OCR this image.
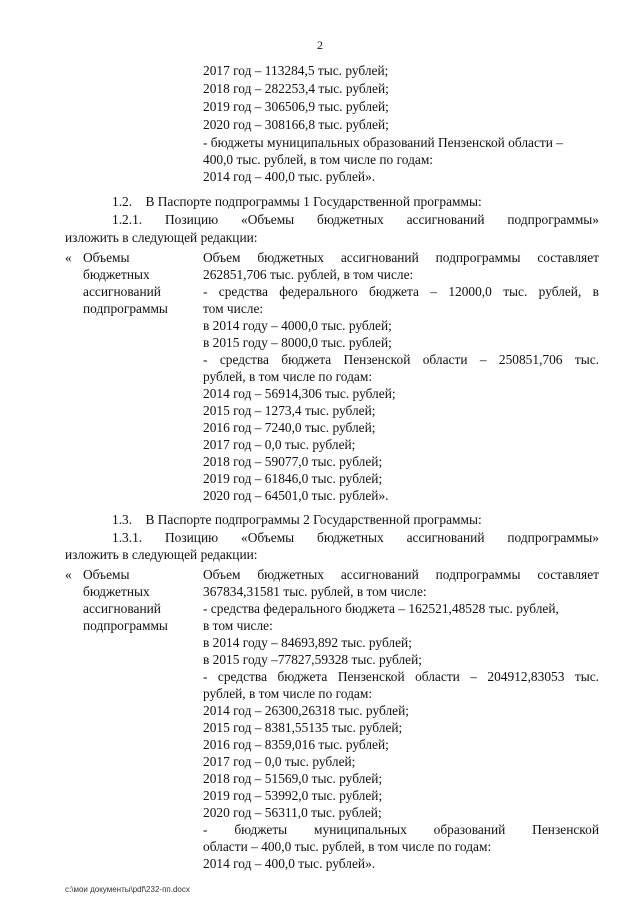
2
2017 год – 113284,5 тыс. рублей;
2018 год – 282253,4 тыс. рублей;
2019 год – 306506,9 тыс. рублей;
2020 год – 308166,8 тыс. рублей;
- бюджеты муниципальных образований Пензенской области –
400,0 тыс. рублей, в том числе по годам:
2014 год – 400,0 тыс. рублей».
1.2.    В Паспорте подпрограммы 1 Государственной программы:
1.2.1. Позицию «Объемы бюджетных ассигнований подпрограммы»
изложить в следующей редакции:
« Объемы
бюджетных
ассигнований
подпрограммы
Объем бюджетных ассигнований подпрограммы составляет
262851,706 тыс. рублей, в том числе:
- средства федерального бюджета – 12000,0 тыс. рублей, в
том числе:
в 2014 году – 4000,0 тыс. рублей;
в 2015 году – 8000,0 тыс. рублей;
- средства бюджета Пензенской области – 250851,706 тыс.
рублей, в том числе по годам:
2014 год – 56914,306 тыс. рублей;
2015 год – 1273,4 тыс. рублей;
2016 год – 7240,0 тыс. рублей;
2017 год – 0,0 тыс. рублей;
2018 год – 59077,0 тыс. рублей;
2019 год – 61846,0 тыс. рублей;
2020 год – 64501,0 тыс. рублей».
1.3.    В Паспорте подпрограммы 2 Государственной программы:
1.3.1. Позицию «Объемы бюджетных ассигнований подпрограммы»
изложить в следующей редакции:
« Объемы
бюджетных
ассигнований
подпрограммы
Объем бюджетных ассигнований подпрограммы составляет
367834,31581 тыс. рублей, в том числе:
- средства федерального бюджета – 162521,48528 тыс. рублей,
в том числе:
в 2014 году – 84693,892 тыс. рублей;
в 2015 году –77827,59328 тыс. рублей;
- средства бюджета Пензенской области – 204912,83053 тыс.
рублей, в том числе по годам:
2014 год – 26300,26318 тыс. рублей;
2015 год – 8381,55135 тыс. рублей;
2016 год – 8359,016 тыс. рублей;
2017 год – 0,0 тыс. рублей;
2018 год – 51569,0 тыс. рублей;
2019 год – 53992,0 тыс. рублей;
2020 год – 56311,0 тыс. рублей;
- бюджеты муниципальных образований Пензенской
области – 400,0 тыс. рублей, в том числе по годам:
2014 год – 400,0 тыс. рублей».
c:\мои документы\pdf\232-пп.docx
